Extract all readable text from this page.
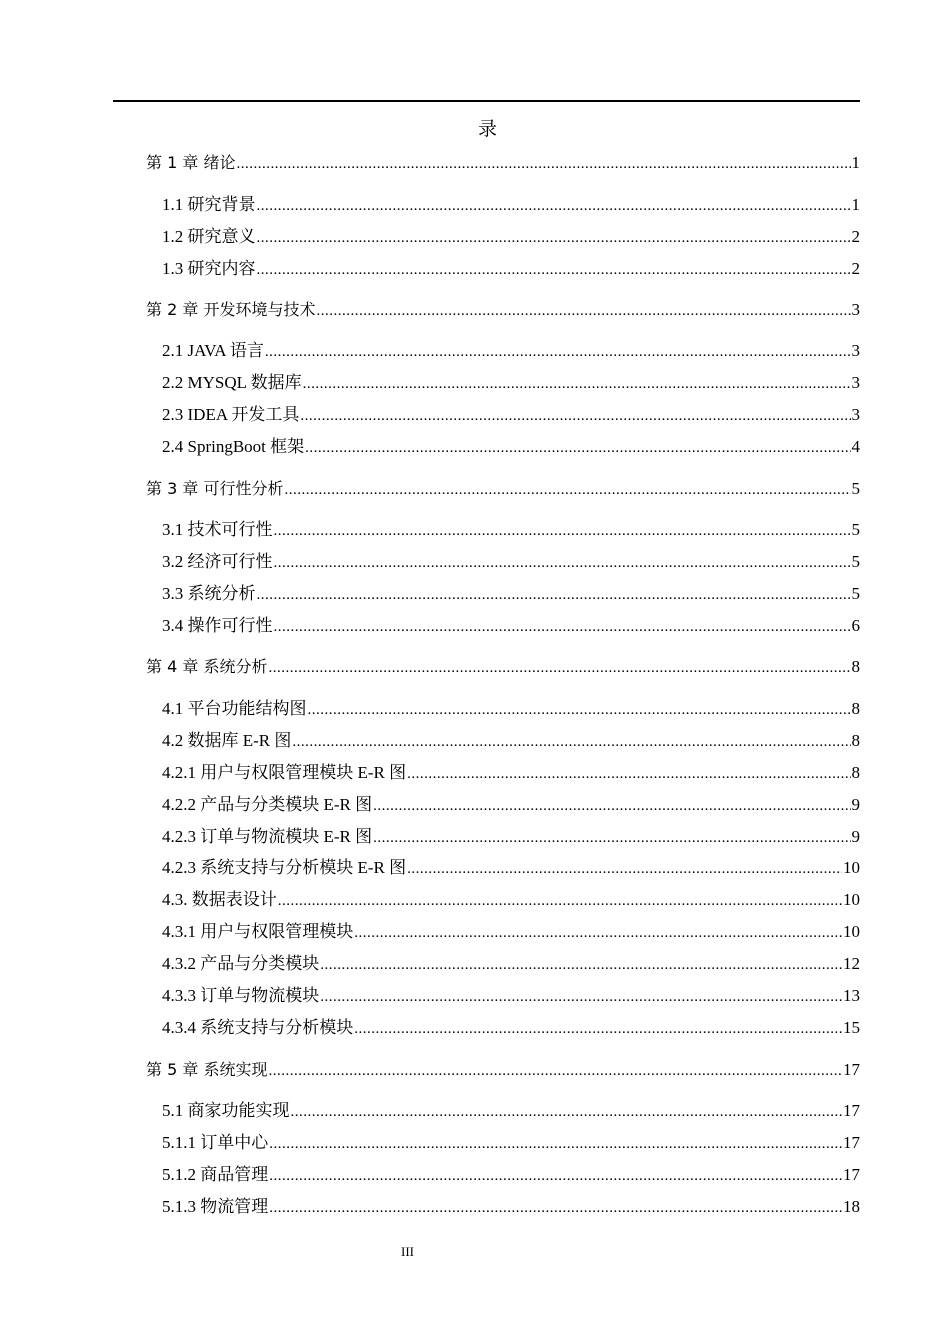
录
第 1 章 绪论 .....	1
1.1 研究背景 .....	1
1.2 研究意义 .....	2
1.3 研究内容 .....	2
第 2 章 开发环境与技术 .....	3
2.1 JAVA 语言 .....	3
2.2 MYSQL 数据库 .....	3
2.3 IDEA 开发工具 .....	3
2.4 SpringBoot 框架 .....	4
第 3 章 可行性分析 .....	5
3.1 技术可行性 .....	5
3.2 经济可行性 .....	5
3.3 系统分析 .....	5
3.4 操作可行性 .....	6
第 4 章 系统分析 .....	8
4.1 平台功能结构图 .....	8
4.2 数据库 E-R 图 .....	8
4.2.1 用户与权限管理模块 E-R 图 .....	8
4.2.2 产品与分类模块 E-R 图 .....	9
4.2.3 订单与物流模块 E-R 图 .....	9
4.2.3 系统支持与分析模块 E-R 图 .....	10
4.3. 数据表设计 .....	10
4.3.1 用户与权限管理模块 .....	10
4.3.2 产品与分类模块 .....	12
4.3.3 订单与物流模块 .....	13
4.3.4 系统支持与分析模块 .....	15
第 5 章 系统实现 .....	17
5.1 商家功能实现 .....	17
5.1.1 订单中心 .....	17
5.1.2 商品管理 .....	17
5.1.3 物流管理 .....	18
III
